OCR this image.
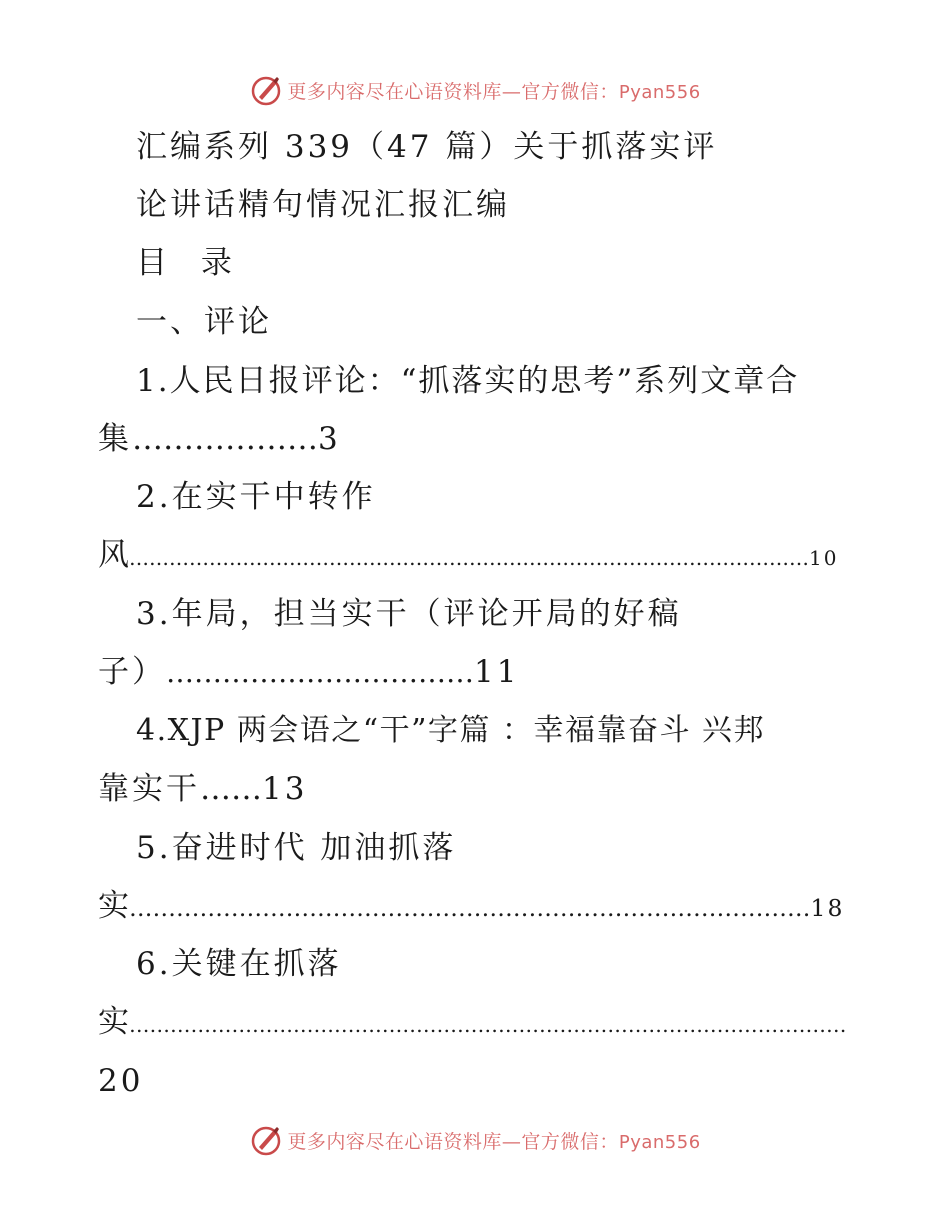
更多内容尽在心语资料库—官方微信：Pyan556
汇编系列 339（47 篇）关于抓落实评
论讲话精句情况汇报汇编
目 录
一、评论
1.人民日报评论：“抓落实的思考”系列文章合
集………………3
2.在实干中转作
风…………………………………………………………………………………………10
3.年局，担当实干（评论开局的好稿
子）……………………………11
4.XJP 两会语之“干”字篇 ：幸福靠奋斗 兴邦
靠实干……13
5.奋进时代 加油抓落
实……………………………………………………………………………18
6.关键在抓落
实……………………………………………………………………………………………
20
更多内容尽在心语资料库—官方微信：Pyan556
